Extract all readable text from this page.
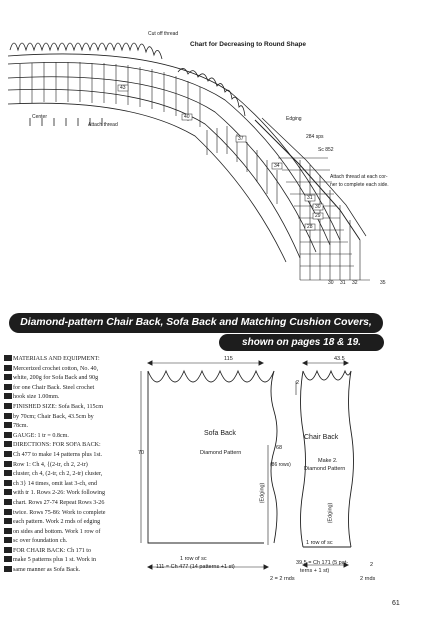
43
40
37
34
31
30
29
28
30 31 32	35
Chart for Decreasing to Round Shape
Cut off thread
Center
Attach thread
Edging
284 sps
Sc 852
Attach thread at each cor-
ner to complete each side.
Diamond-pattern Chair Back, Sofa Back and Matching Cushion Covers,
shown on pages 18 & 19.
MATERIALS AND EQUIPMENT:
Mercerized crochet cotton, No. 40,
white, 200g for Sofa Back and 90g
for one Chair Back. Steel crochet
hook size 1.00mm.
FINISHED SIZE: Sofa Back, 115cm
by 70cm; Chair Back, 43.5cm by
78cm.
GAUGE: 1 tr = 0.8cm.
DIRECTIONS: FOR SOFA BACK:
Ch 477 to make 14 patterns plus 1st.
Row 1: Ch 4, {(2-tr, ch 2, 2-tr)
cluster, ch 4, (2-tr, ch 2, 2-tr) cluster,
ch 3} 14 times, omit last 3-ch, end
with tr 1. Rows 2-26: Work following
chart. Rows 27-74 Repeat Rows 3-26
twice. Rows 75-86: Work to complete
each pattern. Work 2 rnds of edging
on sides and bottom. Work 1 row of
sc over foundation ch.
FOR CHAIR BACK: Ch 171 to
make 5 patterns plus 1 st. Work in
same manner as Sofa Back.
115
70
Sofa Back
Diamond Pattern
68
(86 rows)
(Edging)
1 row of sc
111 = Ch 477 (14 patterns +1 st)
2 = 2 rnds
43.5
2
Chair Back
Make 2.
Diamond Pattern
(Edging)
1 row of sc
39.5 = Ch 171 (5 pat-
terns + 1 st)
2 rnds
2
61
